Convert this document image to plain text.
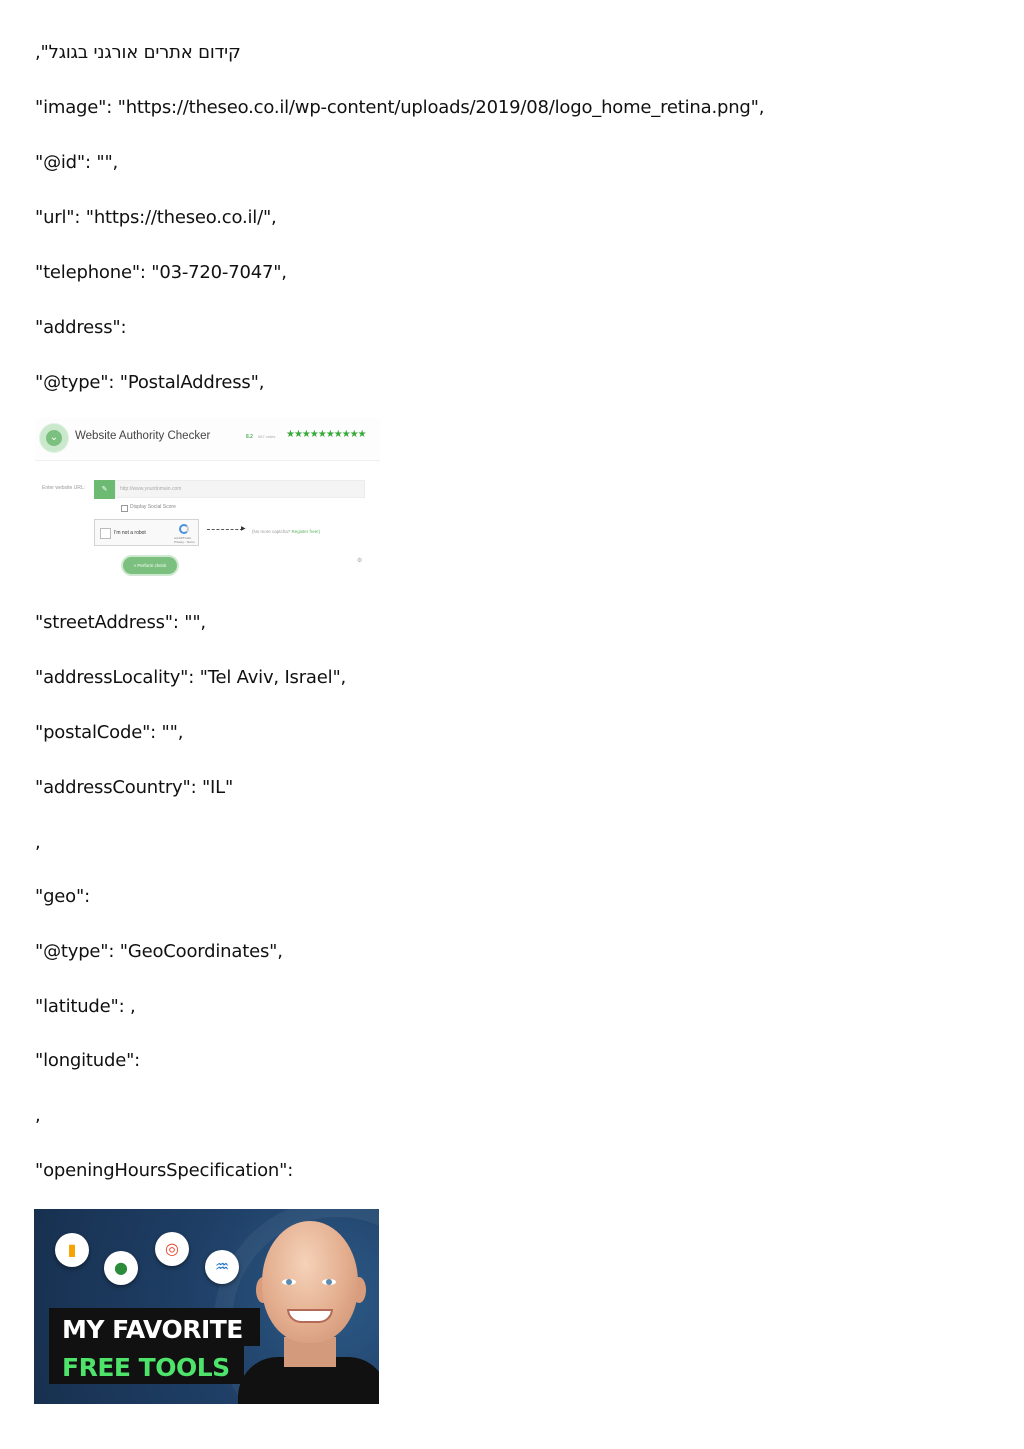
קידום אתרים אורגני בגוגל",
"image": "https://theseo.co.il/wp-content/uploads/2019/08/logo_home_retina.png",
"@id": "",
"url": "https://theseo.co.il/",
"telephone": "03-720-7047",
"address":
"@type": "PostalAddress",
"streetAddress": "",
"addressLocality": "Tel Aviv, Israel",
"postalCode": "",
"addressCountry": "IL"
,
"geo":
"@type": "GeoCoordinates",
"latitude": ,
"longitude":
,
"openingHoursSpecification":
⌄	Website Authority Checker	8.2 567 votes ★★★★★★★★★★
Enter website URL:	✎	http://www.yourdomain.com
Display Social Score
I'm not a robot
reCAPTCHA Privacy - Terms
▶ (No more captcha? Register free!)
» Perform check
⚙
▮
●
◎
♒
MY FAVORITE
FREE TOOLS
